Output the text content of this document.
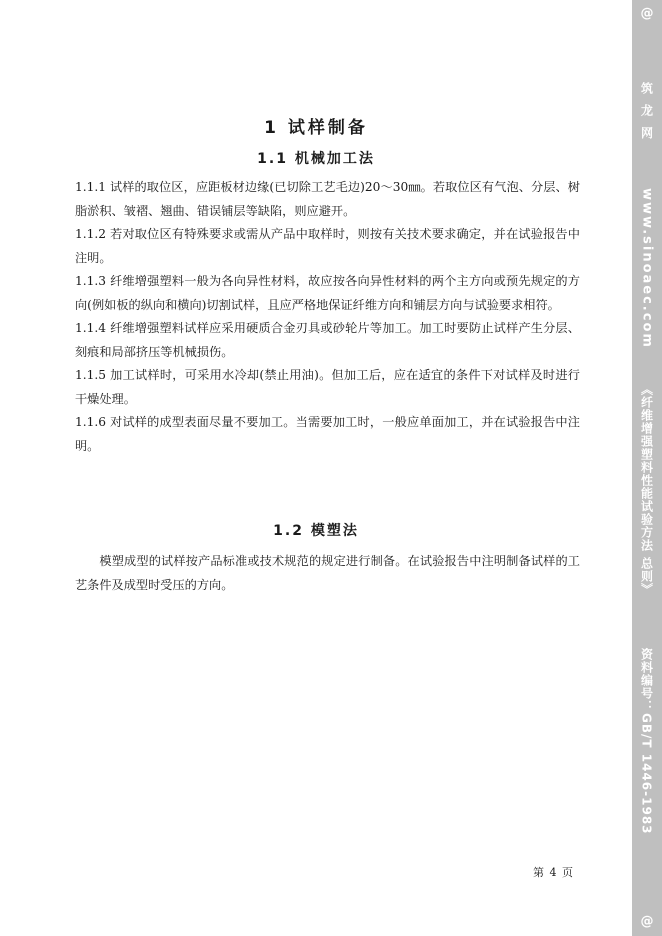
1 试样制备
1.1 机械加工法

1.1.1 试样的取位区，应距板材边缘(已切除工艺毛边)20～30㎜。若取位区有气泡、分层、树脂淤积、皱褶、翘曲、错误铺层等缺陷，则应避开。

1.1.2 若对取位区有特殊要求或需从产品中取样时，则按有关技术要求确定，并在试验报告中注明。

1.1.3 纤维增强塑料一般为各向异性材料，故应按各向异性材料的两个主方向或预先规定的方向(例如板的纵向和横向)切割试样，且应严格地保证纤维方向和铺层方向与试验要求相符。

1.1.4 纤维增强塑料试样应采用硬质合金刃具或砂轮片等加工。加工时要防止试样产生分层、刻痕和局部挤压等机械损伤。

1.1.5 加工试样时，可采用水冷却(禁止用油)。但加工后，应在适宜的条件下对试样及时进行干燥处理。

1.1.6 对试样的成型表面尽量不要加工。当需要加工时，一般应单面加工，并在试验报告中注明。

1.2 模塑法

模塑成型的试样按产品标准或技术规范的规定进行制备。在试验报告中注明制备试样的工艺条件及成型时受压的方向。

第 4 页
@
筑 龙 网
www.sinoaec.com
《纤维增强塑料性能试验方法 总则》
资料编号：GB/T 1446-1983
@
